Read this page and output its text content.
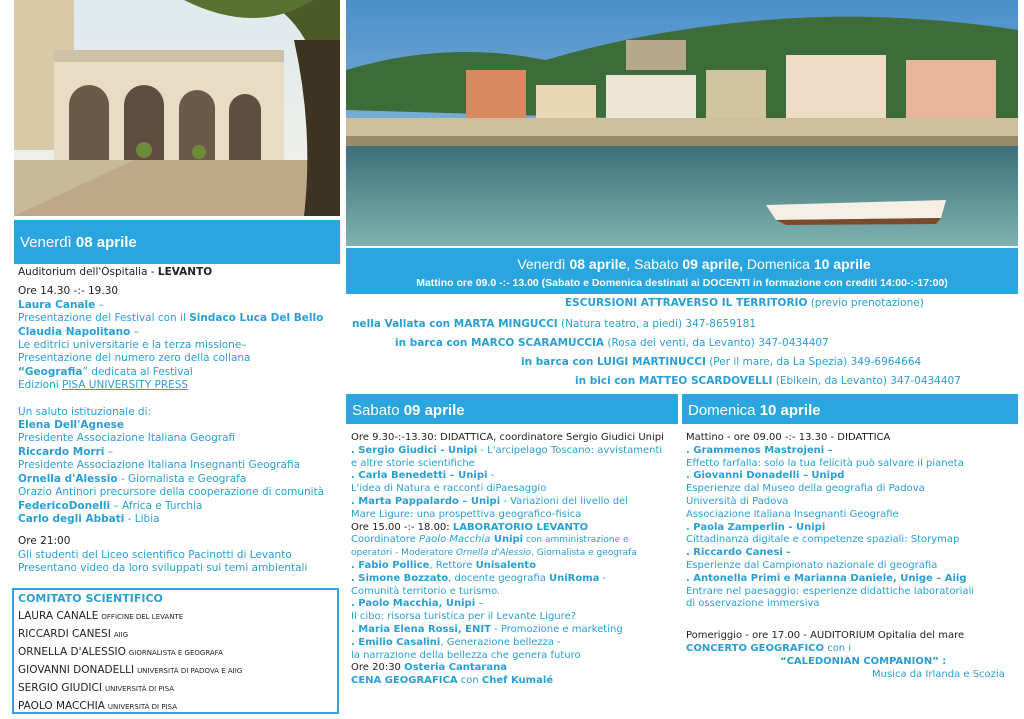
Venerdì 08 aprile
Auditorium dell'Ospitalia - LEVANTO
Ore 14.30 -:- 19.30
Laura Canale –
Presentazione del Festival con il Sindaco Luca Del Bello
Claudia Napolitano –
Le editrici universitarie e la terza missione–
Presentazione del numero zero della collana
“Geografia” dedicata al Festival
Edizioni PISA UNIVERSITY PRESS
Un saluto istituzionale di:
Elena Dell'Agnese
Presidente Associazione Italiana Geografi
Riccardo Morri –
Presidente Associazione Italiana Insegnanti Geografia
Ornella d'Alessio - Giornalista e Geografa
Orazio Antinori precursore della cooperazione di comunità
FedericoDonelli – Africa e Turchia
Carlo degli Abbati - Libia
Ore 21:00
Gli studenti del Liceo scientifico Pacinotti di Levanto
Presentano video da loro sviluppati sui temi ambientali
COMITATO SCIENTIFICO
LAURA CANALE OFFICINE DEL LEVANTE
RICCARDI CANESI AIIG
ORNELLA D'ALESSIO GIORNALISTA E GEOGRAFA
GIOVANNI DONADELLI UNIVERSITÀ DI PADOVA E AIIG
SERGIO GIUDICI UNIVERSITÀ DI PISA
PAOLO MACCHIA UNIVERSITÀ DI PISA
Venerdì 08 aprile, Sabato 09 aprile, Domenica 10 aprile
Mattino ore 09.0 -:- 13.00 (Sabato e Domenica destinati ai DOCENTI in formazione con crediti 14:00-:-17:00)
ESCURSIONI ATTRAVERSO IL TERRITORIO (previo prenotazione)
nella Vallata con MARTA MINGUCCI (Natura teatro, a piedi) 347-8659181
in barca con MARCO SCARAMUCCIA (Rosa dei venti, da Levanto) 347-0434407
in barca con LUIGI MARTINUCCI (Per il mare, da La Spezia) 349-6964664
in bici con MATTEO SCARDOVELLI (Ebikein, da Levanto) 347-0434407
Sabato 09 aprile	Domenica 10 aprile
Ore 9.30-:-13.30: DIDATTICA, coordinatore Sergio Giudici Unipi
. Sergio Giudici - Unipi - L'arcipelago Toscano: avvistamenti
e altre storie scientifiche
. Carla Benedetti – Unipi -
L'idea di Natura e racconti diPaesaggio
. Marta Pappalardo – Unipi - Variazioni del livello del
Mare Ligure: una prospettiva geografico-fisica
Ore 15.00 -:- 18.00: LABORATORIO LEVANTO
Coordinatore Paolo Macchia Unipi con amministrazione e
operatori - Moderatore Ornella d'Alessio, Giornalista e geografa
. Fabio Pollice, Rettore Unisalento
. Simone Bozzato, docente geografia UniRoma -
Comunità territorio e turismo.
. Paolo Macchia, Unipi –
Il cibo: risorsa turistica per il Levante Ligure?
. Maria Elena Rossi, ENIT - Promozione e marketing
. Emilio Casalini, Generazione bellezza -
la narrazione della bellezza che genera futuro
Ore 20:30 Osteria Cantarana
CENA GEOGRAFICA con Chef Kumalé
Mattino - ore 09.00 -:- 13.30 - DIDATTICA
. Grammenos Mastrojeni –
Effetto farfalla: solo la tua felicità può salvare il pianeta
. Giovanni Donadelli – Unipd
Esperienze dal Museo della geografia di Padova
Università di Padova
Associazione Italiana Insegnanti Geografie
. Paola Zamperlin - Unipi
Cittadinanza digitale e competenze spaziali: Storymap
. Riccardo Canesi -
Esperienze dal Campionato nazionale di geografia
. Antonella Primi e Marianna Daniele, Unige – Aiig
Entrare nel paesaggio: esperienze didattiche laboratoriali
di osservazione immersiva
Pomeriggio - ore 17.00 - AUDITORIUM Opitalia del mare
CONCERTO GEOGRAFICO con i
“CALEDONIAN COMPANION” :
Musica da Irlanda e Scozia
